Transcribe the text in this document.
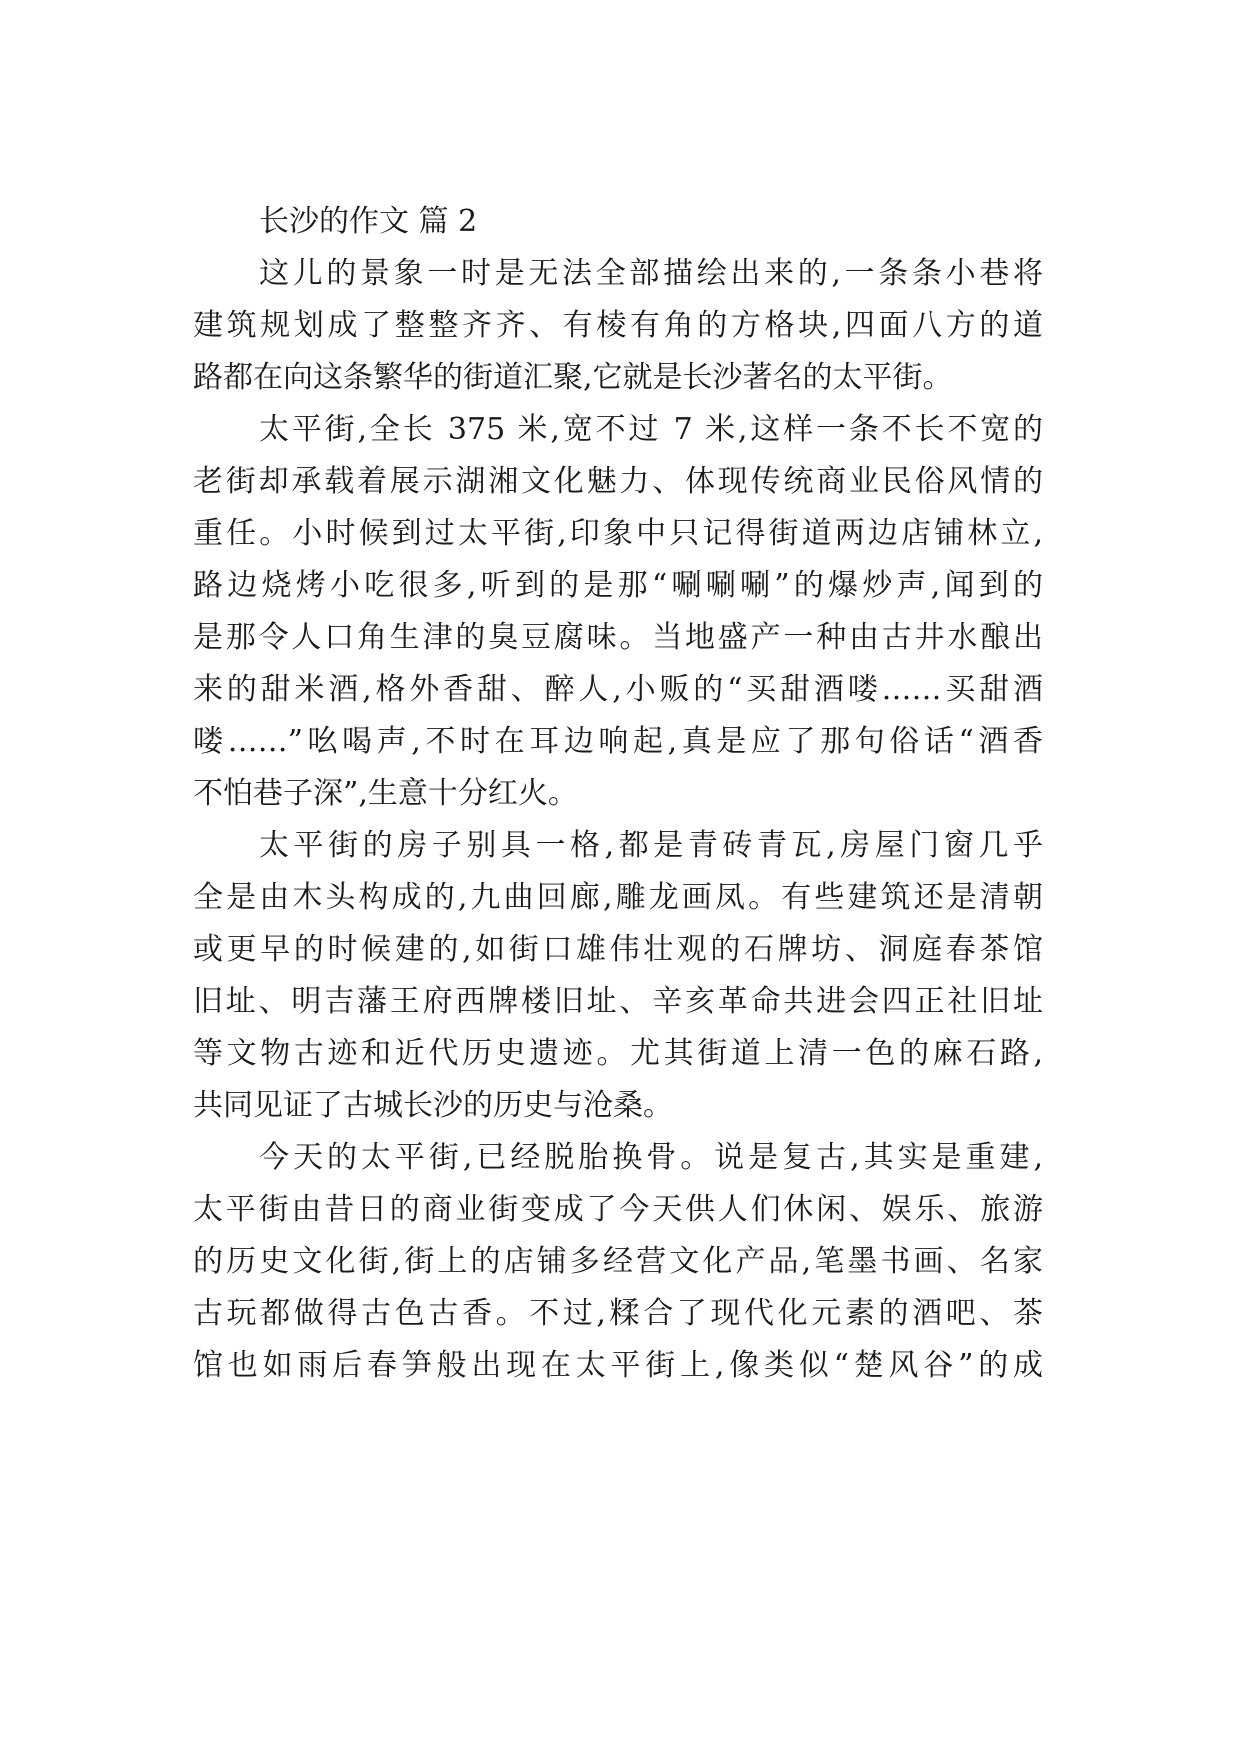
长沙的作文 篇 2
这儿的景象一时是无法全部描绘出来的,一条条小巷将
建筑规划成了整整齐齐、有棱有角的方格块,四面八方的道
路都在向这条繁华的街道汇聚,它就是长沙著名的太平街。
太平街,全长 375 米,宽不过 7 米,这样一条不长不宽的
老街却承载着展示湖湘文化魅力、体现传统商业民俗风情的
重任。小时候到过太平街,印象中只记得街道两边店铺林立,
路边烧烤小吃很多,听到的是那“唰唰唰”的爆炒声,闻到的
是那令人口角生津的臭豆腐味。当地盛产一种由古井水酿出
来的甜米酒,格外香甜、醉人,小贩的“买甜酒喽……买甜酒
喽……”吆喝声,不时在耳边响起,真是应了那句俗话“酒香
不怕巷子深”,生意十分红火。
太平街的房子别具一格,都是青砖青瓦,房屋门窗几乎
全是由木头构成的,九曲回廊,雕龙画凤。有些建筑还是清朝
或更早的时候建的,如街口雄伟壮观的石牌坊、洞庭春茶馆
旧址、明吉藩王府西牌楼旧址、辛亥革命共进会四正社旧址
等文物古迹和近代历史遗迹。尤其街道上清一色的麻石路,
共同见证了古城长沙的历史与沧桑。
今天的太平街,已经脱胎换骨。说是复古,其实是重建,
太平街由昔日的商业街变成了今天供人们休闲、娱乐、旅游
的历史文化街,街上的店铺多经营文化产品,笔墨书画、名家
古玩都做得古色古香。不过,糅合了现代化元素的酒吧、茶
馆也如雨后春笋般出现在太平街上,像类似“楚风谷”的成
